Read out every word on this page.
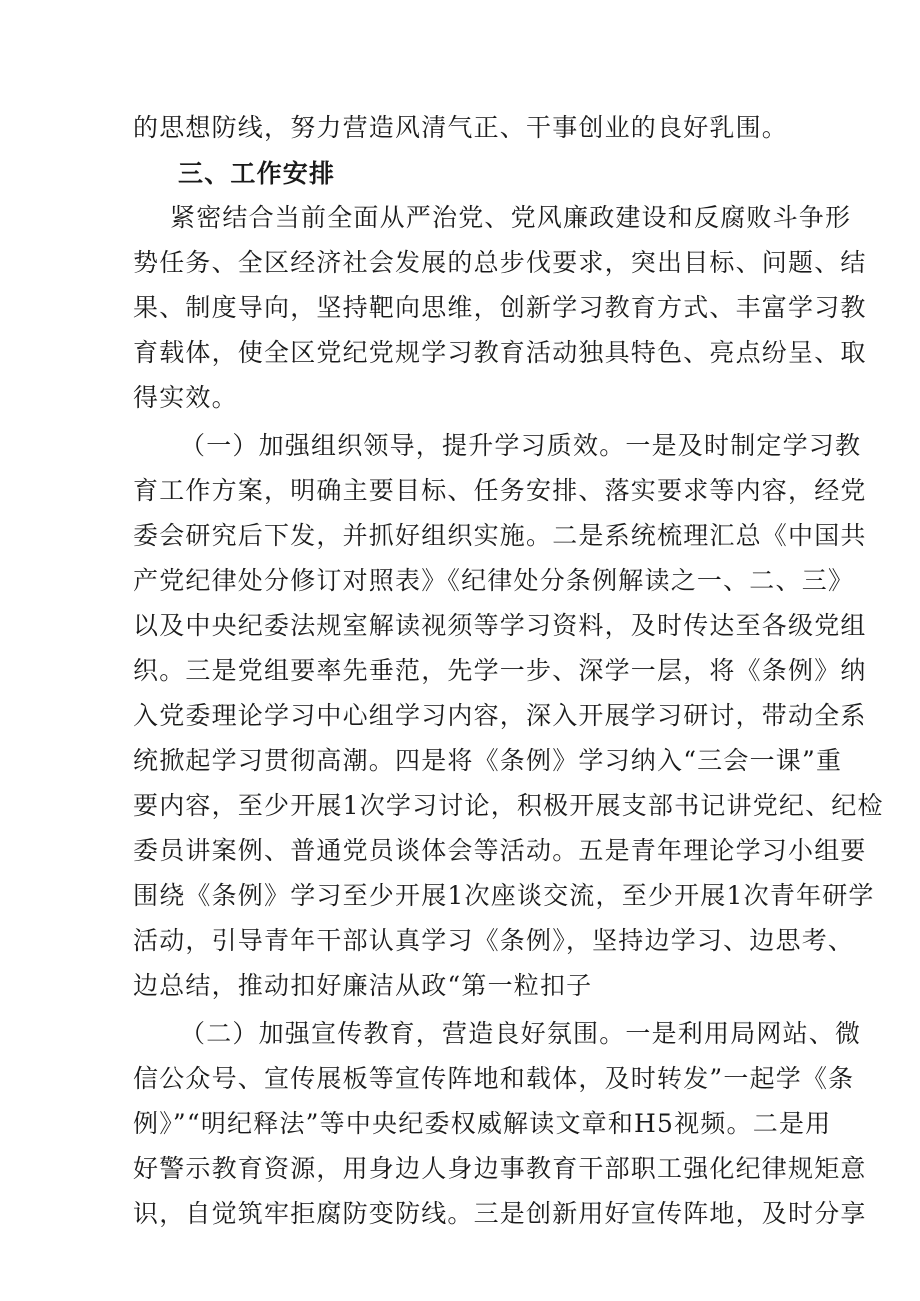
的思想防线，努力营造风清气正、干事创业的良好乳围。
三、工作安排
紧密结合当前全面从严治党、党风廉政建设和反腐败斗争形
势任务、全区经济社会发展的总步伐要求，突出目标、问题、结
果、制度导向，坚持靶向思维，创新学习教育方式、丰富学习教
育载体，使全区党纪党规学习教育活动独具特色、亮点纷呈、取
得实效。
（一）加强组织领导，提升学习质效。一是及时制定学习教
育工作方案，明确主要目标、任务安排、落实要求等内容，经党
委会研究后下发，并抓好组织实施。二是系统梳理汇总《中国共
产党纪律处分修订对照表》《纪律处分条例解读之一、二、三》
以及中央纪委法规室解读视须等学习资料，及时传达至各级党组
织。三是党组要率先垂范，先学一步、深学一层，将《条例》纳
入党委理论学习中心组学习内容，深入开展学习研讨，带动全系
统掀起学习贯彻高潮。四是将《条例》学习纳入“三会一课”重
要内容，至少开展1次学习讨论，积极开展支部书记讲党纪、纪检
委员讲案例、普通党员谈体会等活动。五是青年理论学习小组要
围绕《条例》学习至少开展1次座谈交流，至少开展1次青年研学
活动，引导青年干部认真学习《条例》，坚持边学习、边思考、
边总结，推动扣好廉洁从政“第一粒扣子
（二）加强宣传教育，营造良好氛围。一是利用局网站、微
信公众号、宣传展板等宣传阵地和载体，及时转发”一起学《条
例》”“明纪释法”等中央纪委权威解读文章和H5视频。二是用
好警示教育资源，用身边人身边事教育干部职工强化纪律规矩意
识，自觉筑牢拒腐防变防线。三是创新用好宣传阵地，及时分享
